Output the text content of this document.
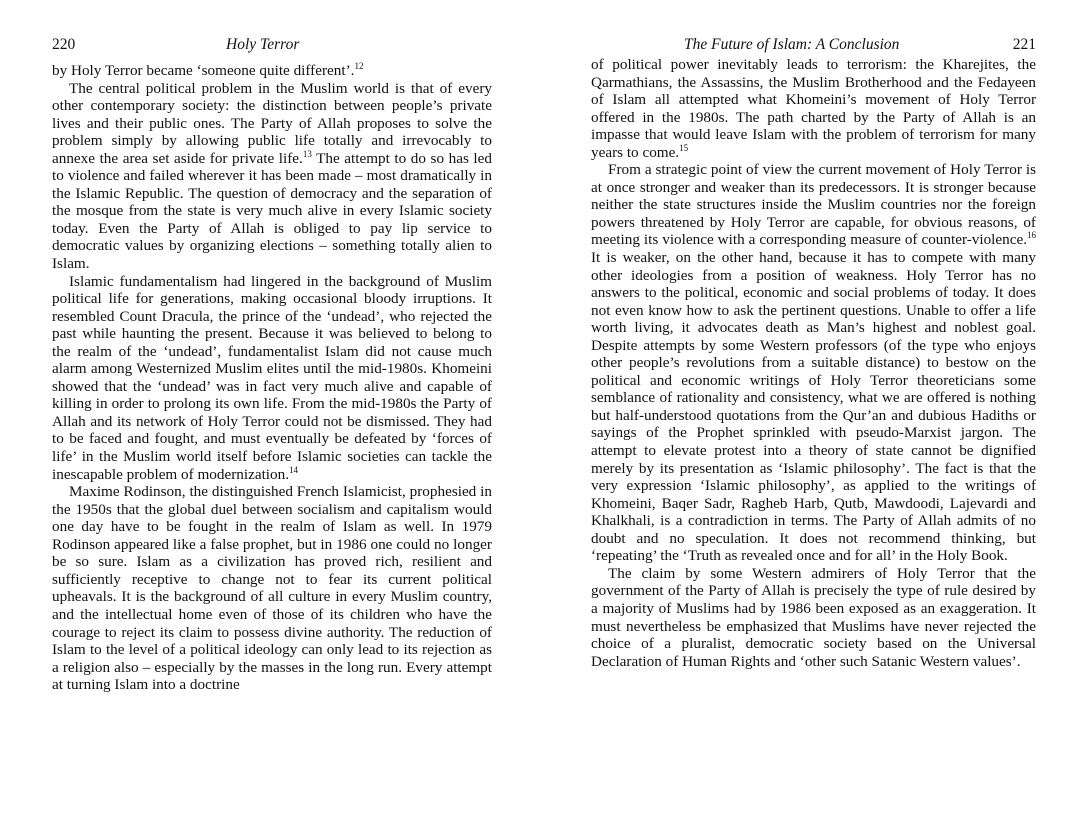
220	Holy Terror

by Holy Terror became ‘someone quite different’.$^{12}$

The central political problem in the Muslim world is that of every other contemporary society: the distinction between people’s private lives and their public ones. The Party of Allah proposes to solve the problem simply by allowing public life totally and irrevocably to annexe the area set aside for private life.$^{13}$ The attempt to do so has led to violence and failed wherever it has been made – most dramatically in the Islamic Republic. The question of democracy and the separation of the mosque from the state is very much alive in every Islamic society today. Even the Party of Allah is obliged to pay lip service to democratic values by organizing elections – something totally alien to Islam.

Islamic fundamentalism had lingered in the background of Muslim political life for generations, making occasional bloody irruptions. It resembled Count Dracula, the prince of the ‘undead’, who rejected the past while haunting the present. Because it was believed to belong to the realm of the ‘undead’, fundamentalist Islam did not cause much alarm among Westernized Muslim elites until the mid-1980s. Khomeini showed that the ‘undead’ was in fact very much alive and capable of killing in order to prolong its own life. From the mid-1980s the Party of Allah and its network of Holy Terror could not be dismissed. They had to be faced and fought, and must eventually be defeated by ‘forces of life’ in the Muslim world itself before Islamic societies can tackle the inescapable problem of modernization.$^{14}$

Maxime Rodinson, the distinguished French Islamicist, prophesied in the 1950s that the global duel between socialism and capitalism would one day have to be fought in the realm of Islam as well. In 1979 Rodinson appeared like a false prophet, but in 1986 one could no longer be so sure. Islam as a civilization has proved rich, resilient and sufficiently receptive to change not to fear its current political upheavals. It is the background of all culture in every Muslim country, and the intellectual home even of those of its children who have the courage to reject its claim to possess divine authority. The reduction of Islam to the level of a political ideology can only lead to its rejection as a religion also – especially by the masses in the long run. Every attempt at turning Islam into a doctrine

The Future of Islam: A Conclusion	221

of political power inevitably leads to terrorism: the Kharejites, the Qarmathians, the Assassins, the Muslim Brotherhood and the Fedayeen of Islam all attempted what Khomeini’s movement of Holy Terror offered in the 1980s. The path charted by the Party of Allah is an impasse that would leave Islam with the problem of terrorism for many years to come.$^{15}$

From a strategic point of view the current movement of Holy Terror is at once stronger and weaker than its predecessors. It is stronger because neither the state structures inside the Muslim countries nor the foreign powers threatened by Holy Terror are capable, for obvious reasons, of meeting its violence with a corresponding measure of counter-violence.$^{16}$ It is weaker, on the other hand, because it has to compete with many other ideologies from a position of weakness. Holy Terror has no answers to the political, economic and social problems of today. It does not even know how to ask the pertinent questions. Unable to offer a life worth living, it advocates death as Man’s highest and noblest goal. Despite attempts by some Western professors (of the type who enjoys other people’s revolutions from a suitable distance) to bestow on the political and economic writings of Holy Terror theoreticians some semblance of rationality and consistency, what we are offered is nothing but half-understood quotations from the Qur’an and dubious Hadiths or sayings of the Prophet sprinkled with pseudo-Marxist jargon. The attempt to elevate protest into a theory of state cannot be dignified merely by its presentation as ‘Islamic philosophy’. The fact is that the very expression ‘Islamic philosophy’, as applied to the writings of Khomeini, Baqer Sadr, Ragheb Harb, Qutb, Mawdoodi, Lajevardi and Khalkhali, is a contradiction in terms. The Party of Allah admits of no doubt and no speculation. It does not recommend thinking, but ‘repeating’ the ‘Truth as revealed once and for all’ in the Holy Book.

The claim by some Western admirers of Holy Terror that the government of the Party of Allah is precisely the type of rule desired by a majority of Muslims had by 1986 been exposed as an exaggeration. It must nevertheless be emphasized that Muslims have never rejected the choice of a pluralist, democratic society based on the Universal Declaration of Human Rights and ‘other such Satanic Western values’.
